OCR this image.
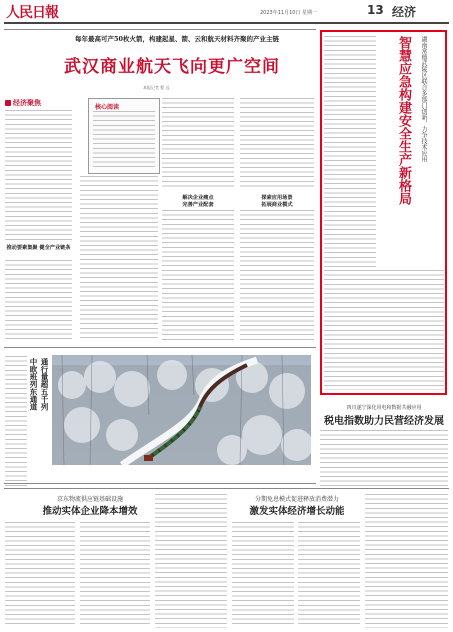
人民日報	2023年11月10日 星期一	13 经济
每年最高可产50枚火箭，构建起星、箭、云和航天材料齐聚的产业主链
武汉商业航天飞向更广空间
本报记者 程 远
经济聚焦
推动要素集聚 健全产业链条
核心阅读
解决企业痛点
完善产业配套
探索应用场景
拓展商业模式	智慧应急构建安全生产新格局 湖南常德武陵区联合多部门创新，力争技术应用
四川遂宁深化用电和数据共融应用
税电指数助力民营经济发展
通行量超五千列
中欧班列东通道
京东物流供应链基础设施
推动实体企业降本增效
分期免息模式促进释放消费潜力
激发实体经济增长动能
